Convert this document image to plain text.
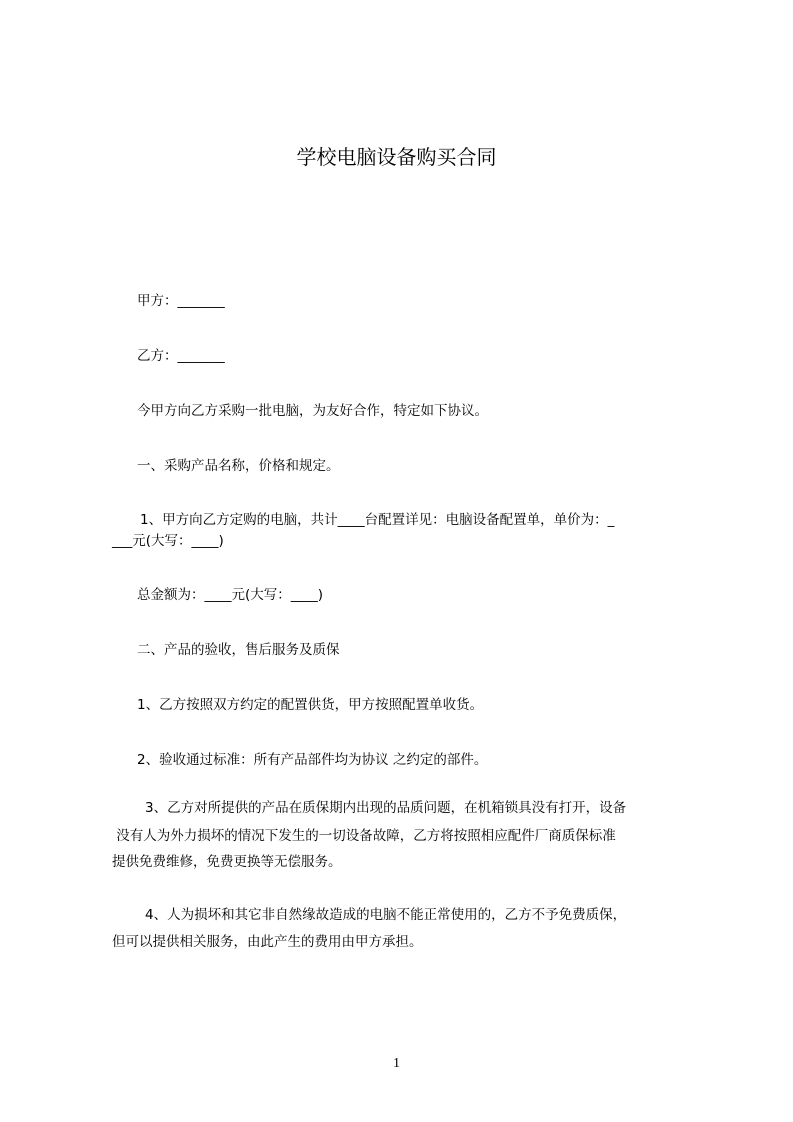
学校电脑设备购买合同
甲方：_______
乙方：_______
今甲方向乙方采购一批电脑，为友好合作，特定如下协议。
一、采购产品名称，价格和规定。
1、甲方向乙方定购的电脑，共计____台配置详见：电脑设备配置单，单价为：_
___元(大写：____)
总金额为：____元(大写：____)
二、产品的验收，售后服务及质保
1、乙方按照双方约定的配置供货，甲方按照配置单收货。
2、验收通过标准：所有产品部件均为协议 之约定的部件。
3、乙方对所提供的产品在质保期内出现的品质问题，在机箱锁具没有打开，设备
没有人为外力损坏的情况下发生的一切设备故障，乙方将按照相应配件厂商质保标准
提供免费维修，免费更换等无偿服务。
4、人为损坏和其它非自然缘故造成的电脑不能正常使用的，乙方不予免费质保，
但可以提供相关服务，由此产生的费用由甲方承担。
1
